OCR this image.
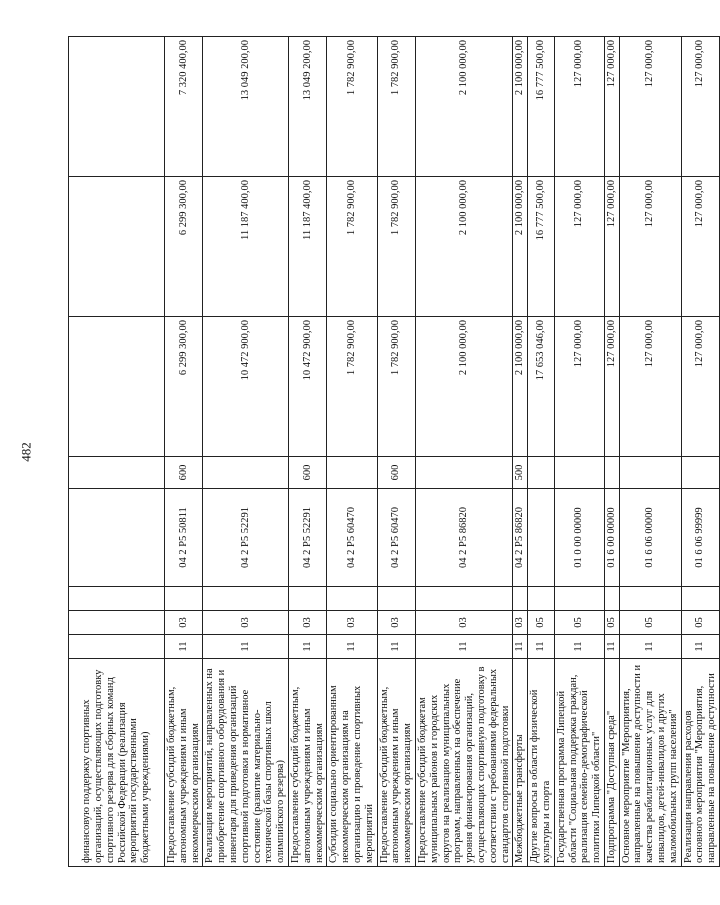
482
финансовую поддержку спортивных организаций, осуществляющих подготовку спортивного резерва для сборных команд Российской Федерации (реализация мероприятий государственными бюджетными учреждениями)								
Предоставление субсидий бюджетным, автономным учреждениям и иным некоммерческим организациям	11	03		04 2 P5 50811	600	6 299 300,00	6 299 300,00	7 320 400,00
Реализация мероприятий, направленных на приобретение спортивного оборудования и инвентаря для приведения организаций спортивной подготовки в нормативное состояние (развитие материально-технической базы спортивных школ олимпийского резерва)	11	03		04 2 P5 52291		10 472 900,00	11 187 400,00	13 049 200,00
Предоставление субсидий бюджетным, автономным учреждениям и иным некоммерческим организациям	11	03		04 2 P5 52291	600	10 472 900,00	11 187 400,00	13 049 200,00
Субсидии социально ориентированным некоммерческим организациям на организацию и проведение спортивных мероприятий	11	03		04 2 P5 60470		1 782 900,00	1 782 900,00	1 782 900,00
Предоставление субсидий бюджетным, автономным учреждениям и иным некоммерческим организациям	11	03		04 2 P5 60470	600	1 782 900,00	1 782 900,00	1 782 900,00
Предоставление субсидий бюджетам муниципальных районов и городских округов на реализацию муниципальных программ, направленных на обеспечение уровня финансирования организаций, осуществляющих спортивную подготовку в соответствии с требованиями федеральных стандартов спортивной подготовки	11	03		04 2 P5 86820		2 100 000,00	2 100 000,00	2 100 000,00
Межбюджетные трансферты	11	03		04 2 P5 86820	500	2 100 000,00	2 100 000,00	2 100 000,00
Другие вопросы в области физической культуры и спорта	11	05				17 653 046,00	16 777 500,00	16 777 500,00
Государственная программа Липецкой области "Социальная поддержка граждан, реализация семейно-демографической политики Липецкой области"	11	05		01 0 00 00000		127 000,00	127 000,00	127 000,00
Подпрограмма "Доступная среда"	11	05		01 6 00 00000		127 000,00	127 000,00	127 000,00
Основное мероприятие "Мероприятия, направленные на повышение доступности и качества реабилитационных услуг для инвалидов, детей-инвалидов и других маломобильных групп населения"	11	05		01 6 06 00000		127 000,00	127 000,00	127 000,00
Реализация направления расходов основного мероприятия "Мероприятия, направленные на повышение доступности	11	05		01 6 06 99999		127 000,00	127 000,00	127 000,00
